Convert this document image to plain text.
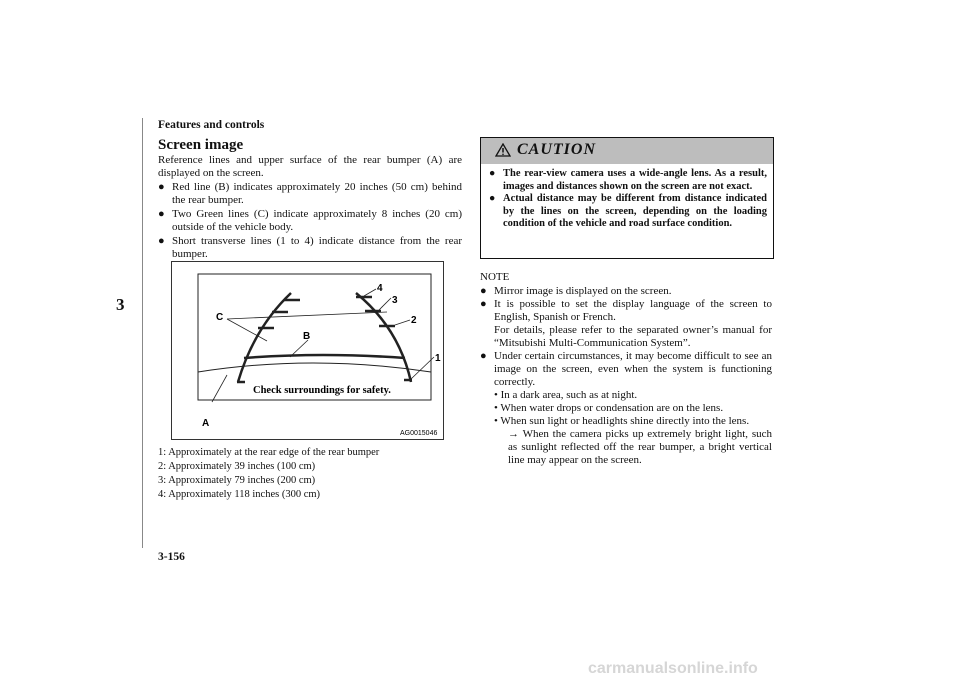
Features and controls
3
Screen image
Reference lines and upper surface of the rear bumper (A) are displayed on the screen.
● Red line (B) indicates approximately 20 inches (50 cm) behind the rear bumper.
● Two Green lines (C) indicate approximately 8 inches (20 cm) outside of the vehicle body.
● Short transverse lines (1 to 4) indicate distance from the rear bumper.
Check surroundings for safety.
C
B
A
4
3
2
1
AG0015046
1: Approximately at the rear edge of the rear bumper
2: Approximately 39 inches (100 cm)
3: Approximately 79 inches (200 cm)
4: Approximately 118 inches (300 cm)
CAUTION
● The rear-view camera uses a wide-angle lens. As a result, images and distances shown on the screen are not exact.
● Actual distance may be different from distance indicated by the lines on the screen, depending on the loading condition of the vehicle and road surface condition.
NOTE
● Mirror image is displayed on the screen.
● It is possible to set the display language of the screen to English, Spanish or French.
For details, please refer to the separated owner’s manual for “Mitsubishi Multi-Communication System”.
● Under certain circumstances, it may become difficult to see an image on the screen, even when the system is functioning correctly.
• In a dark area, such as at night.
• When water drops or condensation are on the lens.
• When sun light or headlights shine directly into the lens.
→ When the camera picks up extremely bright light, such as sunlight reflected off the rear bumper, a bright vertical line may appear on the screen.
3-156
carmanualsonline.info
